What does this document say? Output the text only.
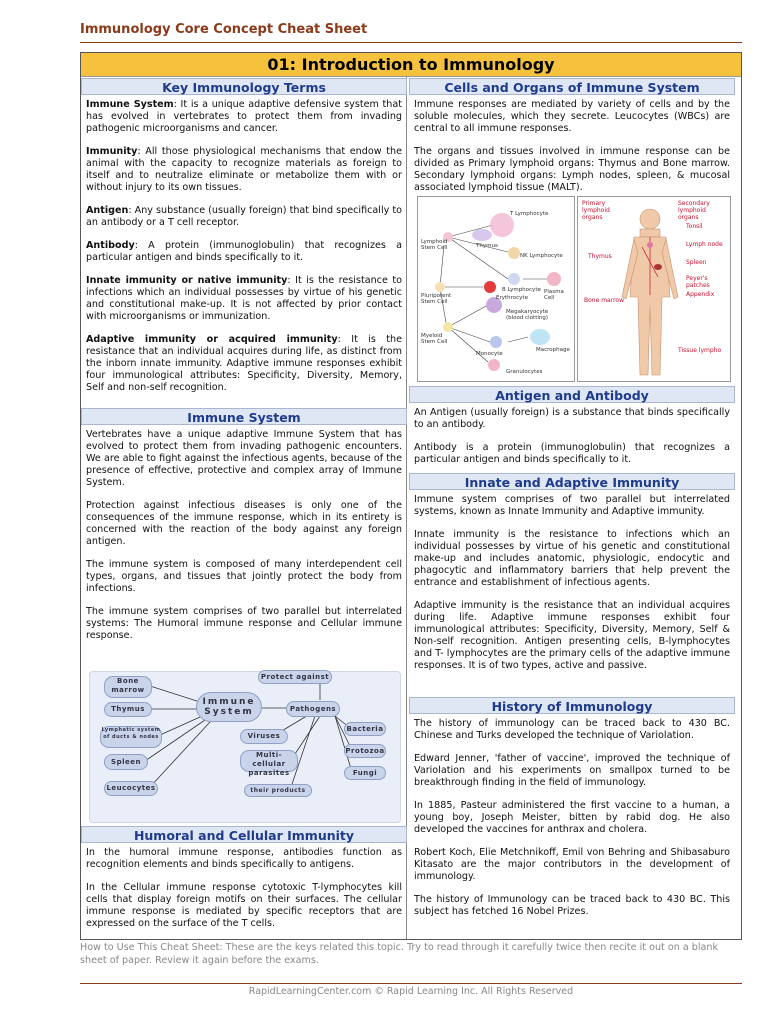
Immunology Core Concept Cheat Sheet
01: Introduction to Immunology
Key Immunology Terms

Immune System: It is a unique adaptive defensive system that has evolved in vertebrates to protect them from invading pathogenic microorganisms and cancer.

Immunity: All those physiological mechanisms that endow the animal with the capacity to recognize materials as foreign to itself and to neutralize eliminate or metabolize them with or without injury to its own tissues.

Antigen: Any substance (usually foreign) that bind specifically to an antibody or a T cell receptor.

Antibody: A protein (immunoglobulin) that recognizes a particular antigen and binds specifically to it.

Innate immunity or native immunity: It is the resistance to infections which an individual possesses by virtue of his genetic and constitutional make-up. It is not affected by prior contact with microorganisms or immunization.

Adaptive immunity or acquired immunity: It is the resistance that an individual acquires during life, as distinct from the inborn innate immunity. Adaptive immune responses exhibit four immunological attributes: Specificity, Diversity, Memory, Self and non-self recognition.

Immune System

Vertebrates have a unique adaptive Immune System that has evolved to protect them from invading pathogenic encounters. We are able to fight against the infectious agents, because of the presence of effective, protective and complex array of Immune System.

Protection against infectious diseases is only one of the consequences of the immune response, which in its entirety is concerned with the reaction of the body against any foreign antigen.

The immune system is composed of many interdependent cell types, organs, and tissues that jointly protect the body from infections.

The immune system comprises of two parallel but interrelated systems: The Humoral immune response and Cellular immune response.

Bone marrow
Thymus
Lymphatic system of ducts & nodes
Spleen
Leucocytes
Immune System
Protect against
Pathogens
Bacteria
Viruses
Protozoa
Multi-cellular parasites	Fungi
their products
Humoral and Cellular Immunity

In the humoral immune response, antibodies function as recognition elements and binds specifically to antigens.

In the Cellular immune response cytotoxic T-lymphocytes kill cells that display foreign motifs on their surfaces. The cellular immune response is mediated by specific receptors that are expressed on the surface of the T cells.

Cells and Organs of Immune System

Immune responses are mediated by variety of cells and by the soluble molecules, which they secrete. Leucocytes (WBCs) are central to all immune responses.

The organs and tissues involved in immune response can be divided as Primary lymphoid organs: Thymus and Bone marrow. Secondary lymphoid organs: Lymph nodes, spleen, & mucosal associated lymphoid tissue (MALT).

T Lymphocyte
Lymphoid Stem Cell	Thymus
NK Lymphocyte
Pluripotent Stem Cell
B Lymphocyte Plasma Cell
Erythrocyte
Myeloid Stem Cell
Megakaryocyte (blood clotting)
Monocyte
Macrophage
Granulocytes
Primary lymphoid organs
Secondary lymphoid organs
Tonsil
Lymph node
Thymus
Spleen
Peyer's patches
Appendix
Bone marrow
Tissue lympho
Antigen and Antibody

An Antigen (usually foreign) is a substance that binds specifically to an antibody.

Antibody is a protein (immunoglobulin) that recognizes a particular antigen and binds specifically to it.

Innate and Adaptive Immunity

Immune system comprises of two parallel but interrelated systems, known as Innate Immunity and Adaptive immunity.

Innate immunity is the resistance to infections which an individual possesses by virtue of his genetic and constitutional make-up and includes anatomic, physiologic, endocytic and phagocytic and inflammatory barriers that help prevent the entrance and establishment of infectious agents.

Adaptive immunity is the resistance that an individual acquires during life. Adaptive immune responses exhibit four immunological attributes: Specificity, Diversity, Memory, Self & Non-self recognition. Antigen presenting cells, B-lymphocytes and T- lymphocytes are the primary cells of the adaptive immune responses. It is of two types, active and passive.

History of Immunology

The history of immunology can be traced back to 430 BC. Chinese and Turks developed the technique of Variolation.

Edward Jenner, 'father of vaccine', improved the technique of Variolation and his experiments on smallpox turned to be breakthrough finding in the field of immunology.

In 1885, Pasteur administered the first vaccine to a human, a young boy, Joseph Meister, bitten by rabid dog. He also developed the vaccines for anthrax and cholera.

Robert Koch, Elie Metchnikoff, Emil von Behring and Shibasaburo Kitasato are the major contributors in the development of immunology.

The history of Immunology can be traced back to 430 BC. This subject has fetched 16 Nobel Prizes.

How to Use This Cheat Sheet: These are the keys related this topic. Try to read through it carefully twice then recite it out on a blank sheet of paper. Review it again before the exams.
RapidLearningCenter.com © Rapid Learning Inc. All Rights Reserved
